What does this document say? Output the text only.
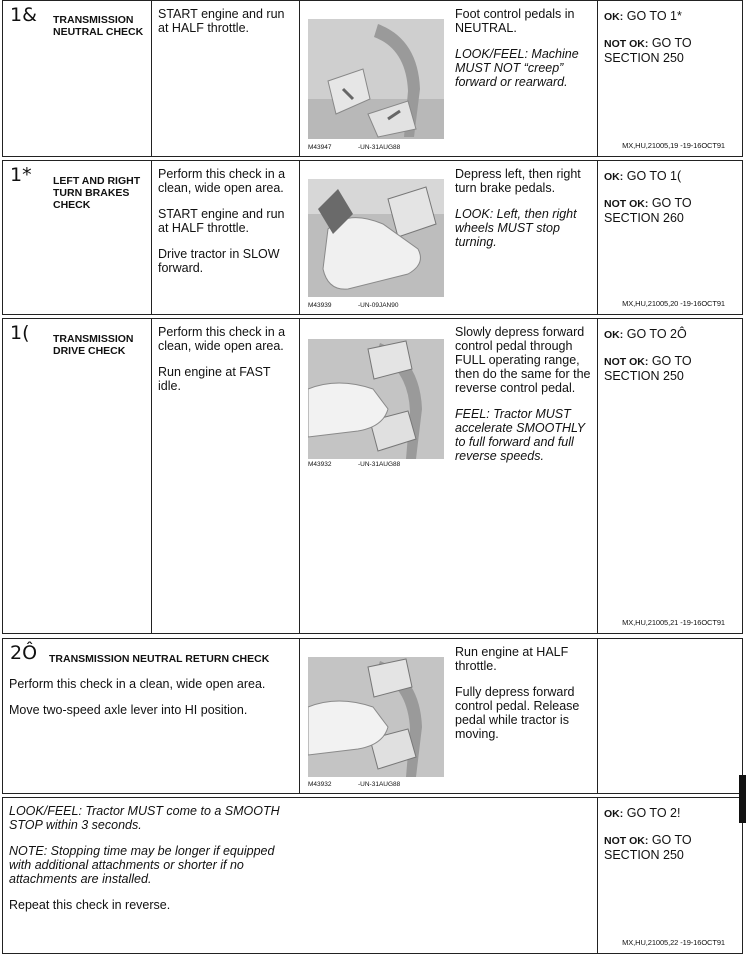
1& TRANSMISSION NEUTRAL CHECK

START engine and run at HALF throttle.

M43947	-UN-31AUG88

Foot control pedals in NEUTRAL.

LOOK/FEEL: Machine MUST NOT “creep” forward or rearward.

OK: GO TO 1*

NOT OK: GO TO SECTION 250

MX,HU,21005,19 -19-16OCT91
1* LEFT AND RIGHT TURN BRAKES CHECK

Perform this check in a clean, wide open area.

START engine and run at HALF throttle.

Drive tractor in SLOW forward.

M43939	-UN-09JAN90

Depress left, then right turn brake pedals.

LOOK: Left, then right wheels MUST stop turning.

OK: GO TO 1(

NOT OK: GO TO SECTION 260

MX,HU,21005,20 -19-16OCT91
1( TRANSMISSION DRIVE CHECK

Perform this check in a clean, wide open area.

Run engine at FAST idle.

M43932	-UN-31AUG88

Slowly depress forward control pedal through FULL operating range, then do the same for the reverse control pedal.

FEEL: Tractor MUST accelerate SMOOTHLY to full forward and full reverse speeds.

OK: GO TO 2Ô

NOT OK: GO TO SECTION 250

MX,HU,21005,21 -19-16OCT91
2Ô TRANSMISSION NEUTRAL RETURN CHECK

Perform this check in a clean, wide open area.

Move two-speed axle lever into HI position.

M43932	-UN-31AUG88

Run engine at HALF throttle.

Fully depress forward control pedal. Release pedal while tractor is moving.

LOOK/FEEL: Tractor MUST come to a SMOOTH STOP within 3 seconds.

NOTE: Stopping time may be longer if equipped with additional attachments or shorter if no attachments are installed.

Repeat this check in reverse.

OK: GO TO 2!

NOT OK: GO TO SECTION 250

MX,HU,21005,22 -19-16OCT91
